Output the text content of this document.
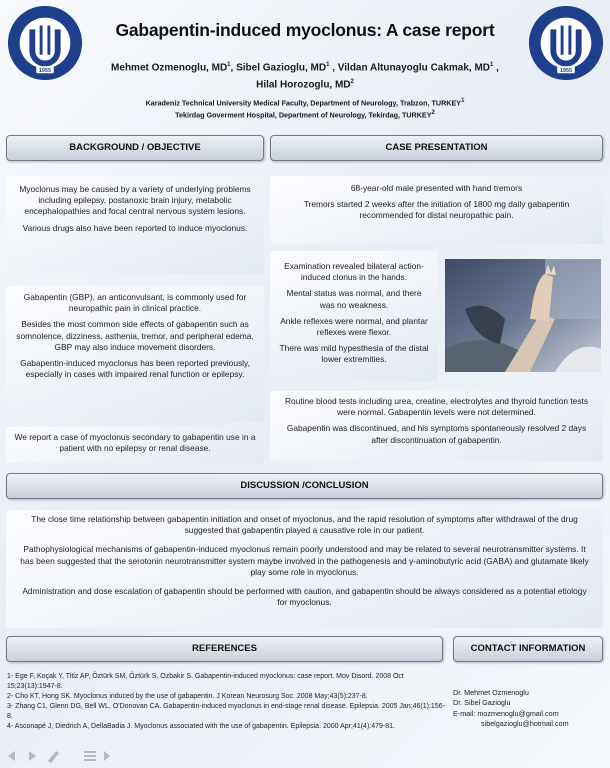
1955	1955
Gabapentin-induced myoclonus: A case report
Mehmet Ozmenoglu, $MD^1$, Sibel Gazioglu, $MD^1$ , Vildan Altunayoglu Cakmak, $MD^1$ ,
Hilal Horozoglu, $MD^2$
Karadeniz Technical University Medical Faculty, Department of Neurology, Trabzon, TURKEY$^1$
Tekirdag Goverment Hospital, Department of Neurology, Tekirdag, TURKEY$^2$
BACKGROUND / OBJECTIVE	CASE PRESENTATION

Myoclonus may be caused by a variety of underlying problems including epilepsy, postanoxic brain injury, metabolic encephalopathies and focal central nervous system lesions.

Various drugs also have been reported to induce myoclonus.

Gabapentin (GBP), an anticonvulsant, is commonly used for neuropathic pain in clinical practice.

Besides the most common side effects of gabapentin such as somnolence, dizziness, asthenia, tremor, and peripheral edema, GBP may also induce movement disorders.

Gabapentin-induced myoclonus has been reported previously, especially in cases with impaired renal function or epilepsy.

We report a case of myoclonus secondary to gabapentin use in a patient with no epilepsy or renal disease.

68-year-old male presented with hand tremors

Tremors started 2 weeks after the initiation of 1800 mg daily gabapentin recommended for distal neuropathic pain.

Examination revealed bilateral action-induced clonus in the hands.

Mental status was normal, and there was no weakness.

Ankle reflexes were normal, and plantar reflexes were flexor.

There was mild hypesthesia of the distal lower extremities.

Routine blood tests including urea, creatine, electrolytes and thyroid function tests were normal. Gabapentin levels were not determined.

Gabapentin was discontinued, and his symptoms spontaneously resolved 2 days after discontinuation of gabapentin.

DISCUSSION /CONCLUSION

The close time relationship between gabapentin initiation and onset of myoclonus, and the rapid resolution of symptoms after withdrawal of the drug suggested that gabapentin played a causative role in our patient.

Pathophysiological mechanisms of gabapentin-induced myoclonus remain poorly understood and may be related to several neurotransmitter systems. It has been suggested that the serotonin neurotransmitter system maybe involved in the pathogenesis and γ-aminobutyric acid (GABA) and glutamate likely play some role in myoclonus.

Administration and dose escalation of gabapentin should be performed with caution, and gabapentin should be always considered as a potential etiology for myoclonus.

REFERENCES	CONTACT INFORMATION
1- Ege F, Koçak Y, Titiz AP, Öztürk SM, Öztürk S, Ozbakir S. Gabapentin-induced myoclonus: case report. Mov Disord. 2008 Oct 15;23(13):1947-8.
2- Cho KT, Hong SK. Myoclonus induced by the use of gabapentin. J Korean Neurosurg Soc. 2008 May;43(5):237-8.
3- Zhang C1, Glenn DG, Bell WL, O'Donovan CA. Gabapentin-induced myoclonus in end-stage renal disease. Epilepsia. 2005 Jan;46(1):156-8.
4- Asconapé J, Diedrich A, DellaBadia J. Myoclonus associated with the use of gabapentin. Epilepsia. 2000 Apr;41(4):479-81.
Dr. Mehmet Ozmenoglu
Dr. Sibel Gazioglu
E-mail: mozmenoglu@gmail.com
sibelgazioglu@hotmail.com
